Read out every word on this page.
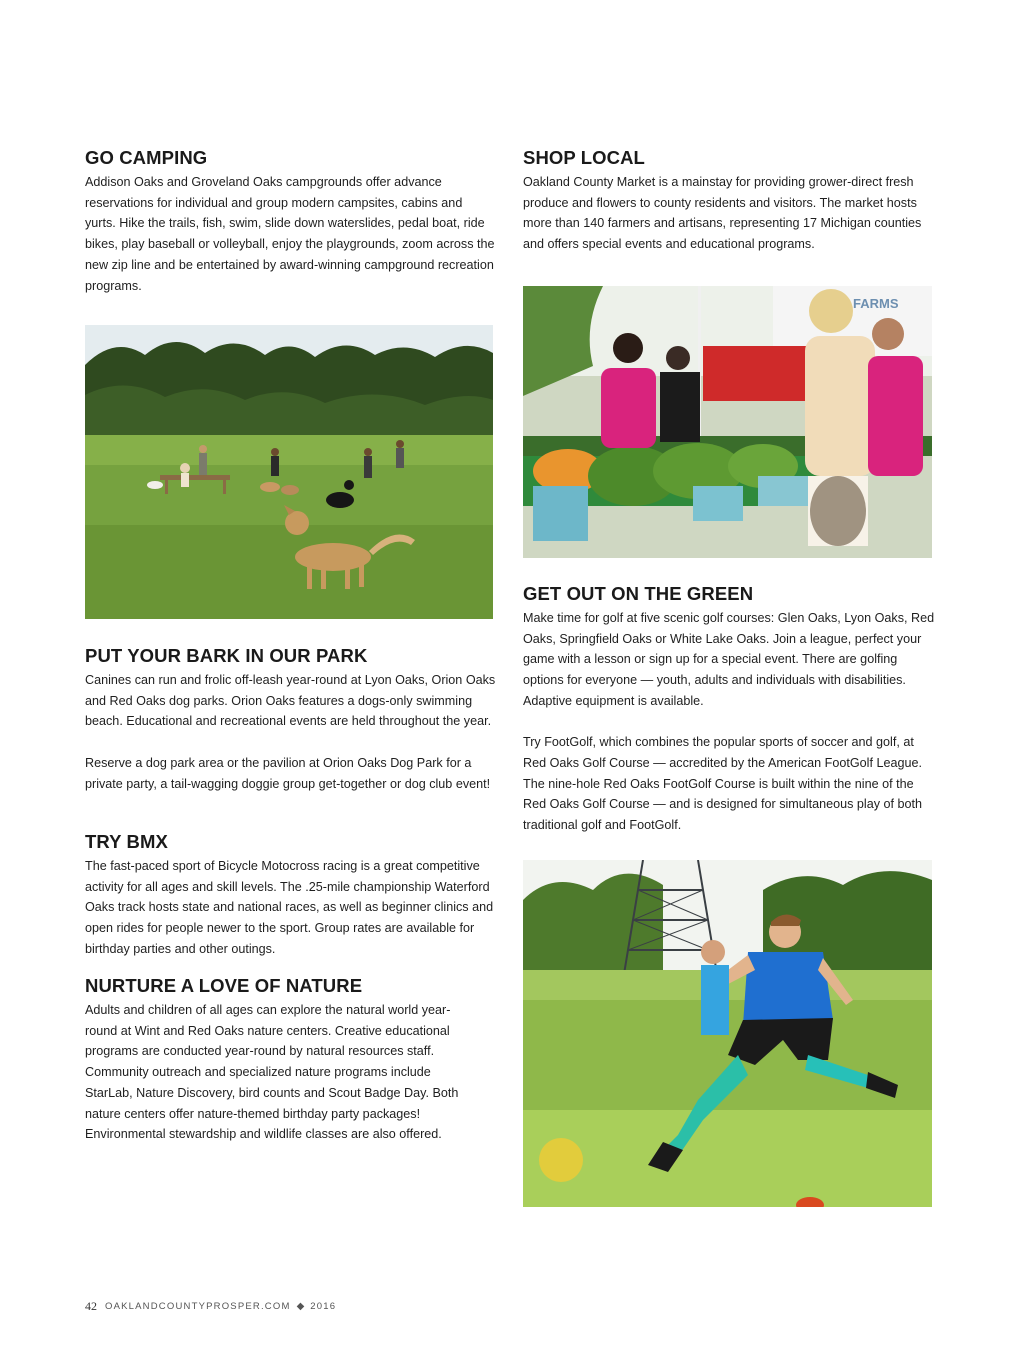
GO CAMPING

Addison Oaks and Groveland Oaks campgrounds offer advance reservations for individual and group modern campsites, cabins and yurts. Hike the trails, fish, swim, slide down waterslides, pedal boat, ride bikes, play baseball or volleyball, enjoy the playgrounds, zoom across the new zip line and be entertained by award-winning campground recreation programs.

SHOP LOCAL

Oakland County Market is a mainstay for providing grower-direct fresh produce and flowers to county residents and visitors. The market hosts more than 140 farmers and artisans, representing 17 Michigan counties and offers special events and educational programs.

FARMS
GET OUT ON THE GREEN

Make time for golf at five scenic golf courses: Glen Oaks, Lyon Oaks, Red Oaks, Springfield Oaks or White Lake Oaks. Join a league, perfect your game with a lesson or sign up for a special event. There are golfing options for everyone — youth, adults and individuals with disabilities. Adaptive equipment is available.

Try FootGolf, which combines the popular sports of soccer and golf, at Red Oaks Golf Course — accredited by the American FootGolf League. The nine-hole Red Oaks FootGolf Course is built within the nine of the Red Oaks Golf Course — and is designed for simultaneous play of both traditional golf and FootGolf.

PUT YOUR BARK IN OUR PARK

Canines can run and frolic off-leash year-round at Lyon Oaks, Orion Oaks and Red Oaks dog parks. Orion Oaks features a dogs-only swimming beach. Educational and recreational events are held throughout the year.

Reserve a dog park area or the pavilion at Orion Oaks Dog Park for a private party, a tail-wagging doggie group get-together or dog club event!

TRY BMX

The fast-paced sport of Bicycle Motocross racing is a great competitive activity for all ages and skill levels. The .25-mile championship Waterford Oaks track hosts state and national races, as well as beginner clinics and open rides for people newer to the sport. Group rates are available for birthday parties and other outings.

NURTURE A LOVE OF NATURE

Adults and children of all ages can explore the natural world year-round at Wint and Red Oaks nature centers. Creative educational programs are conducted year-round by natural resources staff. Community outreach and specialized nature programs include StarLab, Nature Discovery, bird counts and Scout Badge Day. Both nature centers offer nature-themed birthday party packages! Environmental stewardship and wildlife classes are also offered.

42 OAKLANDCOUNTYPROSPER.COM ◆ 2016
